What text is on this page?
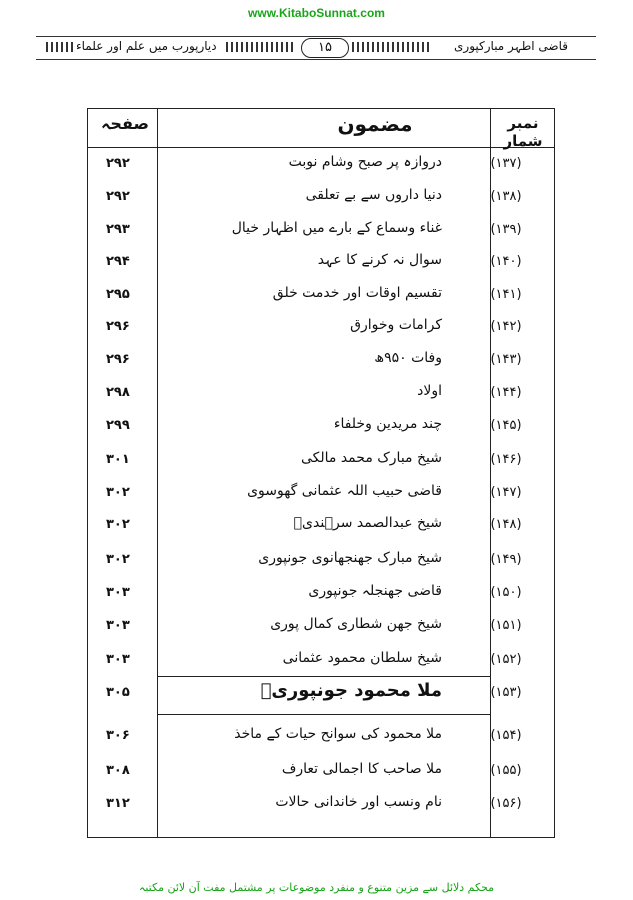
www.KitaboSunnat.com
دیارپورب میں علم اور علماء	۱۵	قاضی اطہر مبارکپوری
صفحہ	مضمون	نمبر شمار
۲۹۲	دروازہ پر صبح وشام نوبت	(۱۳۷)
۲۹۲	دنیا داروں سے بے تعلقی	(۱۳۸)
۲۹۳	غناء وسماع کے بارے میں اظہار خیال	(۱۳۹)
۲۹۴	سوال نہ کرنے کا عہد	(۱۴۰)
۲۹۵	تقسیم اوقات اور خدمت خلق	(۱۴۱)
۲۹۶	کرامات وخوارق	(۱۴۲)
۲۹۶	وفات ۹۵۰ھ	(۱۴۳)
۲۹۸	اولاد	(۱۴۴)
۲۹۹	چند مریدین وخلفاء	(۱۴۵)
۳۰۱	شیخ مبارک محمد مالکی	(۱۴۶)
۳۰۲	قاضی حبیب اللہ عثمانی گھوسوی	(۱۴۷)
۳۰۲	شیخ عبدالصمد سرہندیؒ	(۱۴۸)
۳۰۲	شیخ مبارک جھنجھانوی جونپوری	(۱۴۹)
۳۰۳	قاضی جھنجلہ جونپوری	(۱۵۰)
۳۰۳	شیخ جھن شطاری کمال پوری	(۱۵۱)
۳۰۳	شیخ سلطان محمود عثمانی	(۱۵۲)
۳۰۵	ملا محمود جونپوریؒ	(۱۵۳)
۳۰۶	ملا محمود کی سوانح حیات کے ماخذ	(۱۵۴)
۳۰۸	ملا صاحب کا اجمالی تعارف	(۱۵۵)
۳۱۲	نام ونسب اور خاندانی حالات	(۱۵۶)
محکم دلائل سے مزین متنوع و منفرد موضوعات پر مشتمل مفت آن لائن مکتبہ
